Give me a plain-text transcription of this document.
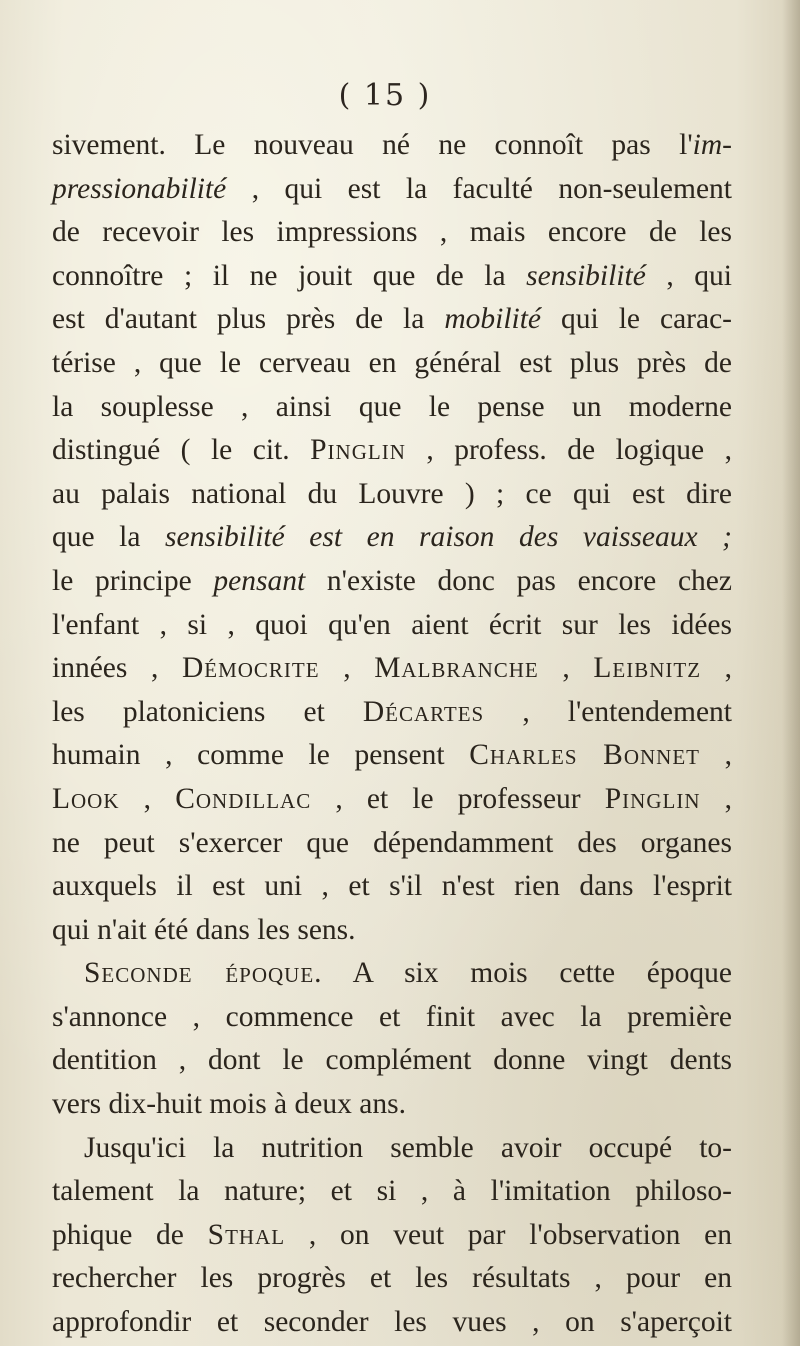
( 15 )
sivement. Le nouveau né ne connoît pas l'im-
pressionabilité , qui est la faculté non-seulement
de recevoir les impressions , mais encore de les
connoître ; il ne jouit que de la sensibilité , qui
est d'autant plus près de la mobilité qui le carac-
térise , que le cerveau en général est plus près de
la souplesse , ainsi que le pense un moderne
distingué ( le cit. Pinglin , profess. de logique ,
au palais national du Louvre ) ; ce qui est dire
que la sensibilité est en raison des vaisseaux ;
le principe pensant n'existe donc pas encore chez
l'enfant , si , quoi qu'en aient écrit sur les idées
innées , Démocrite , Malbranche , Leibnitz ,
les platoniciens et Décartes , l'entendement
humain , comme le pensent Charles Bonnet ,
Look , Condillac , et le professeur Pinglin ,
ne peut s'exercer que dépendamment des organes
auxquels il est uni , et s'il n'est rien dans l'esprit
qui n'ait été dans les sens.
Seconde époque. A six mois cette époque
s'annonce , commence et finit avec la première
dentition , dont le complément donne vingt dents
vers dix-huit mois à deux ans.
Jusqu'ici la nutrition semble avoir occupé to-
talement la nature; et si , à l'imitation philoso-
phique de Sthal , on veut par l'observation en
rechercher les progrès et les résultats , pour en
approfondir et seconder les vues , on s'aperçoit
